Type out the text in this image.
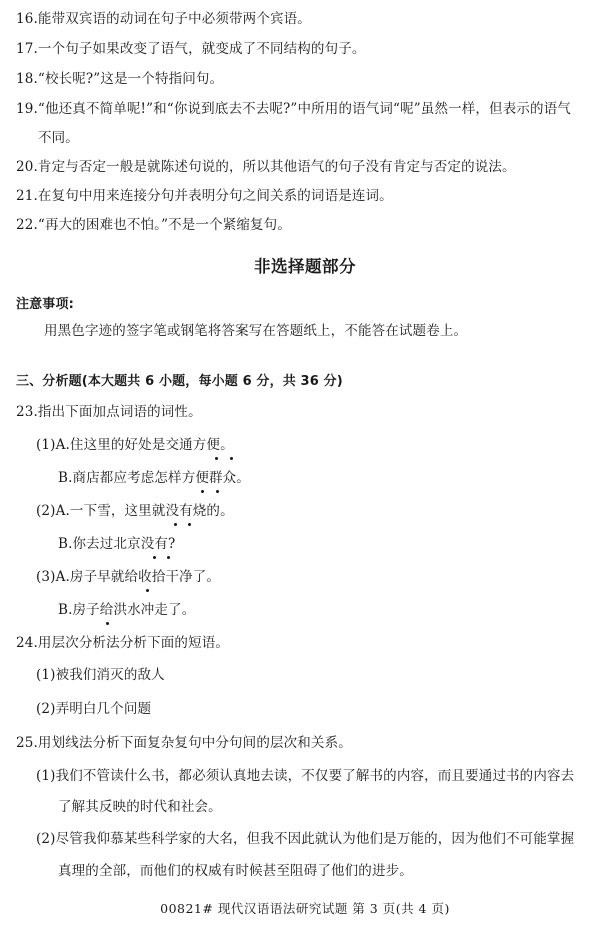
16.能带双宾语的动词在句子中必须带两个宾语。
17.一个句子如果改变了语气，就变成了不同结构的句子。
18.“校长呢?”这是一个特指问句。
19.“他还真不简单呢!”和“你说到底去不去呢?”中所用的语气词“呢”虽然一样，但表示的语气
不同。
20.肯定与否定一般是就陈述句说的，所以其他语气的句子没有肯定与否定的说法。
21.在复句中用来连接分句并表明分句之间关系的词语是连词。
22.“再大的困难也不怕。”不是一个紧缩复句。
非选择题部分
注意事项:
用黑色字迹的签字笔或钢笔将答案写在答题纸上，不能答在试题卷上。
三、分析题(本大题共 6 小题，每小题 6 分，共 36 分)
23.指出下面加点词语的词性。
(1)A.住这里的好处是交通方便。
B.商店都应考虑怎样方便群众。
(2)A.一下雪，这里就没有烧的。
B.你去过北京没有?
(3)A.房子早就给收拾干净了。
B.房子给洪水冲走了。
24.用层次分析法分析下面的短语。
(1)被我们消灭的敌人
(2)弄明白几个问题
25.用划线法分析下面复杂复句中分句间的层次和关系。
(1)我们不管读什么书，都必须认真地去读，不仅要了解书的内容，而且要通过书的内容去
了解其反映的时代和社会。
(2)尽管我仰慕某些科学家的大名，但我不因此就认为他们是万能的，因为他们不可能掌握
真理的全部，而他们的权威有时候甚至阻碍了他们的进步。
00821# 现代汉语语法研究试题 第 3 页(共 4 页)
